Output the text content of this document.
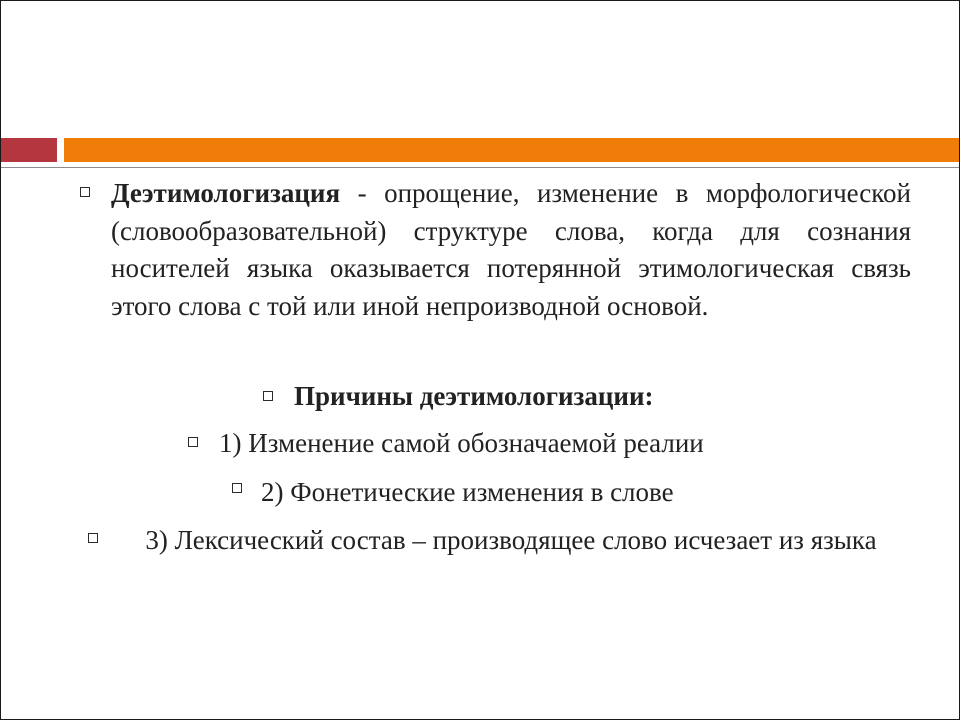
Деэтимологизация - опрощение, изменение в морфологической (словообразовательной) структуре слова, когда для сознания носителей языка оказывается потерянной этимологическая связь этого слова с той или иной непроизводной основой.

Причины деэтимологизации:

1) Изменение самой обозначаемой реалии

2) Фонетические изменения в слове

3) Лексический состав – производящее слово исчезает из языка
